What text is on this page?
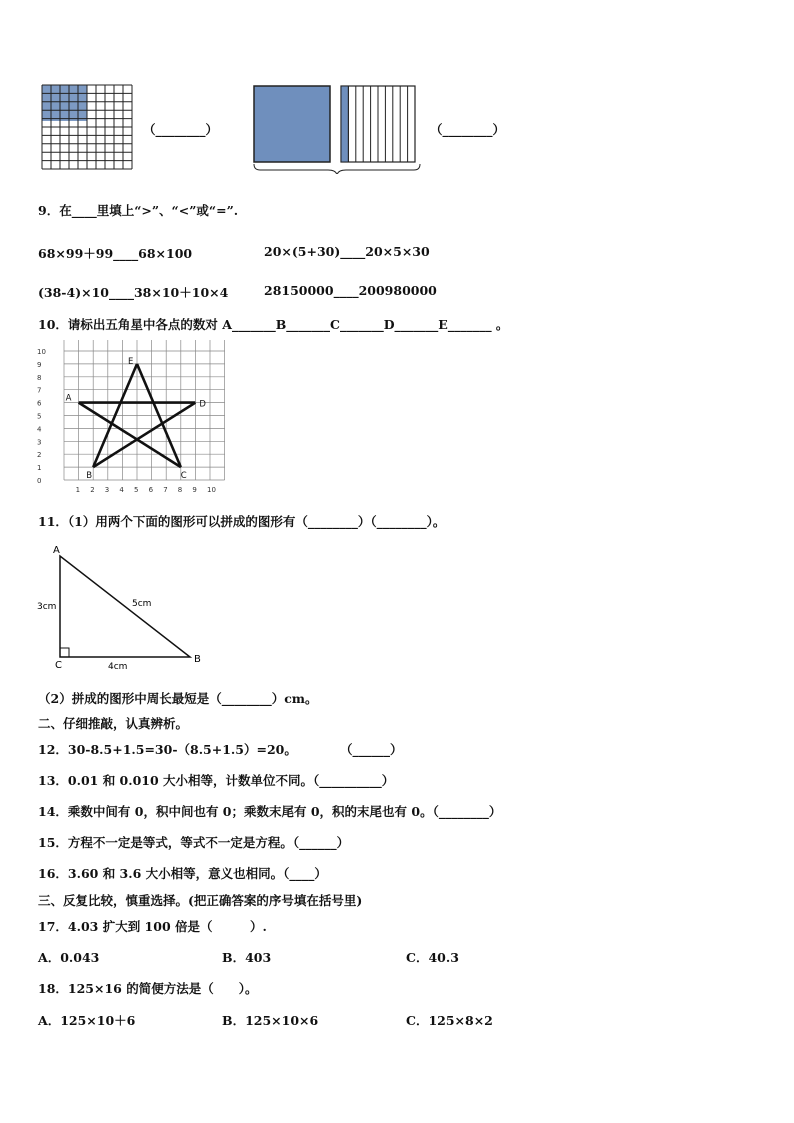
（________）	（________）
9．在____里填上“>”、“<”或“=”.
68×99＋99____68×100	20×(5+30)____20×5×30
(38-4)×10____38×10＋10×4	28150000____200980000
10．请标出五角星中各点的数对 A_______B_______C_______D_______E_______ 。
0
1
2
3
4
5
6
7
8
9
10
1 2 3 4 5 6 7 8 9 10
E
A
D
B	C
11．（1）用两个下面的图形可以拼成的图形有（________）（________）。
A
B
C
3cm	5cm
4cm
（2）拼成的图形中周长最短是（________）cm。
二、仔细推敲，认真辨析。
12．30-8.5+1.5=30-（8.5+1.5）=20。	（______）
13．0.01 和 0.010 大小相等，计数单位不同。（__________）
14．乘数中间有 0，积中间也有 0；乘数末尾有 0，积的末尾也有 0。（________）
15．方程不一定是等式，等式不一定是方程。（______）
16．3.60 和 3.6 大小相等，意义也相同。（____）
三、反复比较，慎重选择。(把正确答案的序号填在括号里)
17．4.03 扩大到 100 倍是（　　　）.
A．0.043	B．403	C．40.3
18．125×16 的简便方法是（　　）。
A．125×10＋6	B．125×10×6	C．125×8×2
